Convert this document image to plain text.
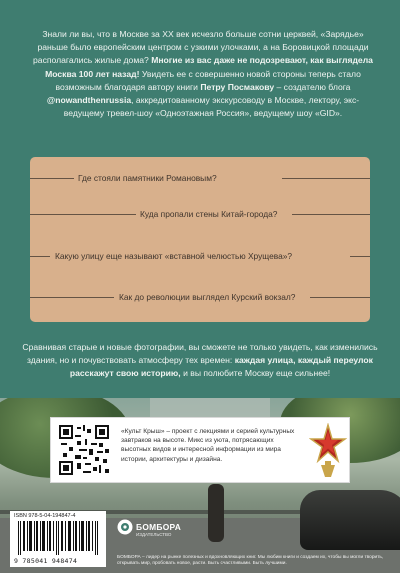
Знали ли вы, что в Москве за XX век исчезло больше сотни церквей, «Зарядье» раньше было европейским центром с узкими улочками, а на Боровицкой площади располагались жилые дома? Многие из вас даже не подозревают, как выглядела Москва 100 лет назад! Увидеть ее с совершенно новой стороны теперь стало возможным благодаря автору книги Петру Посмакову – создателю блога @nowandthenrussia, аккредитованному экскурсоводу в Москве, лектору, экс-ведущему тревел-шоу «Одноэтажная Россия», ведущему шоу «GID».
Где стояли памятники Романовым?
Куда пропали стены Китай-города?
Какую улицу еще называют «вставной челюстью Хрущева»?
Как до революции выглядел Курский вокзал?
Сравнивая старые и новые фотографии, вы сможете не только увидеть, как изменились здания, но и почувствовать атмосферу тех времен: каждая улица, каждый переулок расскажут свою историю, и вы полюбите Москву еще сильнее!
«Культ Крыш» – проект с лекциями и серией культурных завтраков на высоте. Микс из уюта, потрясающих высотных видов и интересной информации из мира истории, архитектуры и дизайна.
ISBN 978-5-04-194847-4
9 785041 948474
БОМБОРА
ИЗДАТЕЛЬСТВО
БОМБОРА – лидер на рынке полезных и вдохновляющих книг. Мы любим книги и создаем их, чтобы вы могли творить, открывать мир, пробовать новое, расти. Быть счастливыми. Быть лучшими.
